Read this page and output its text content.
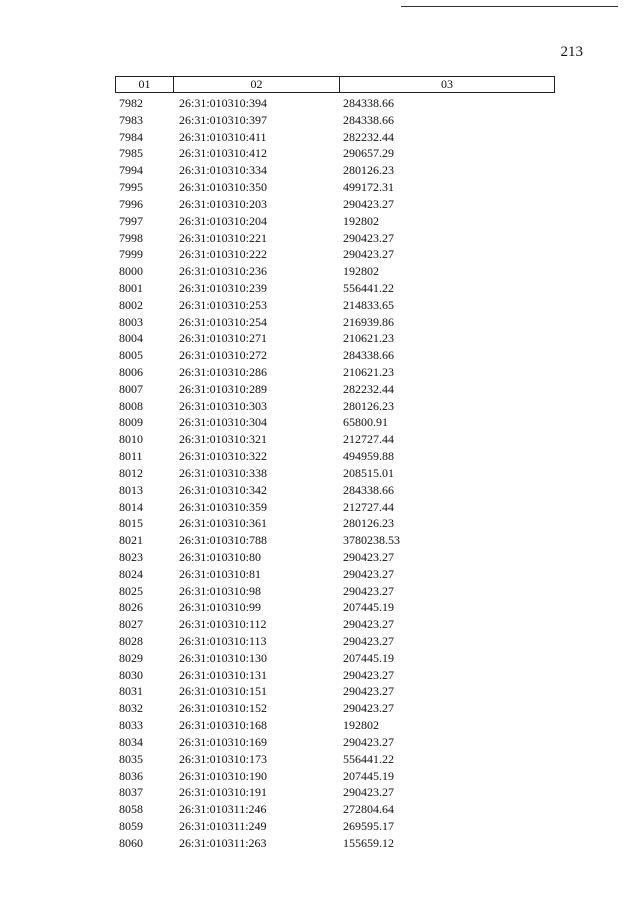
213
01	02	03
7982	26:31:010310:394	284338.66
7983	26:31:010310:397	284338.66
7984	26:31:010310:411	282232.44
7985	26:31:010310:412	290657.29
7994	26:31:010310:334	280126.23
7995	26:31:010310:350	499172.31
7996	26:31:010310:203	290423.27
7997	26:31:010310:204	192802
7998	26:31:010310:221	290423.27
7999	26:31:010310:222	290423.27
8000	26:31:010310:236	192802
8001	26:31:010310:239	556441.22
8002	26:31:010310:253	214833.65
8003	26:31:010310:254	216939.86
8004	26:31:010310:271	210621.23
8005	26:31:010310:272	284338.66
8006	26:31:010310:286	210621.23
8007	26:31:010310:289	282232.44
8008	26:31:010310:303	280126.23
8009	26:31:010310:304	65800.91
8010	26:31:010310:321	212727.44
8011	26:31:010310:322	494959.88
8012	26:31:010310:338	208515.01
8013	26:31:010310:342	284338.66
8014	26:31:010310:359	212727.44
8015	26:31:010310:361	280126.23
8021	26:31:010310:788	3780238.53
8023	26:31:010310:80	290423.27
8024	26:31:010310:81	290423.27
8025	26:31:010310:98	290423.27
8026	26:31:010310:99	207445.19
8027	26:31:010310:112	290423.27
8028	26:31:010310:113	290423.27
8029	26:31:010310:130	207445.19
8030	26:31:010310:131	290423.27
8031	26:31:010310:151	290423.27
8032	26:31:010310:152	290423.27
8033	26:31:010310:168	192802
8034	26:31:010310:169	290423.27
8035	26:31:010310:173	556441.22
8036	26:31:010310:190	207445.19
8037	26:31:010310:191	290423.27
8058	26:31:010311:246	272804.64
8059	26:31:010311:249	269595.17
8060	26:31:010311:263	155659.12
